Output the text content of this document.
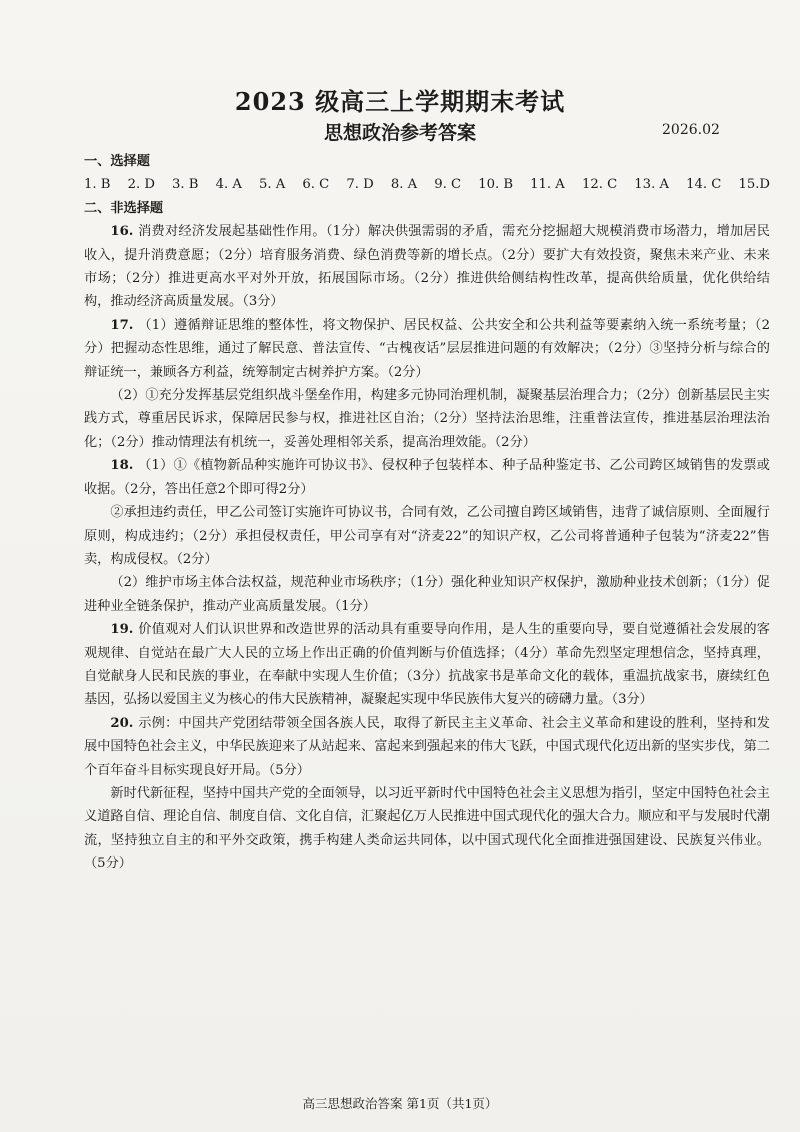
2023 级高三上学期期末考试
思想政治参考答案	2026.02

一、选择题

1. B 2. D 3. B 4. A 5. A 6. C 7. D 8. A 9. C 10. B 11. A 12. C 13. A 14. C 15.D

二、非选择题

16. 消费对经济发展起基础性作用。（1分）解决供强需弱的矛盾，需充分挖掘超大规模消费市场潜力，增加居民收入，提升消费意愿；（2分）培育服务消费、绿色消费等新的增长点。（2分）要扩大有效投资，聚焦未来产业、未来市场；（2分）推进更高水平对外开放，拓展国际市场。（2分）推进供给侧结构性改革，提高供给质量，优化供给结构，推动经济高质量发展。（3分）

17. （1）遵循辩证思维的整体性，将文物保护、居民权益、公共安全和公共利益等要素纳入统一系统考量；（2分）把握动态性思维，通过了解民意、普法宣传、“古槐夜话”层层推进问题的有效解决；（2分）③坚持分析与综合的辩证统一，兼顾各方利益，统筹制定古树养护方案。（2分）

（2）①充分发挥基层党组织战斗堡垒作用，构建多元协同治理机制，凝聚基层治理合力；（2分）创新基层民主实践方式，尊重居民诉求，保障居民参与权，推进社区自治；（2分）坚持法治思维，注重普法宣传，推进基层治理法治化；（2分）推动情理法有机统一，妥善处理相邻关系，提高治理效能。（2分）

18. （1）①《植物新品种实施许可协议书》、侵权种子包装样本、种子品种鉴定书、乙公司跨区域销售的发票或收据。（2分，答出任意2个即可得2分）

②承担违约责任，甲乙公司签订实施许可协议书，合同有效，乙公司擅自跨区域销售，违背了诚信原则、全面履行原则，构成违约；（2分）承担侵权责任，甲公司享有对“济麦22”的知识产权，乙公司将普通种子包装为“济麦22”售卖，构成侵权。（2分）

（2）维护市场主体合法权益，规范种业市场秩序；（1分）强化种业知识产权保护，激励种业技术创新；（1分）促进种业全链条保护，推动产业高质量发展。（1分）

19. 价值观对人们认识世界和改造世界的活动具有重要导向作用，是人生的重要向导，要自觉遵循社会发展的客观规律、自觉站在最广大人民的立场上作出正确的价值判断与价值选择；（4分）革命先烈坚定理想信念，坚持真理，自觉献身人民和民族的事业，在奉献中实现人生价值；（3分）抗战家书是革命文化的载体，重温抗战家书，赓续红色基因，弘扬以爱国主义为核心的伟大民族精神，凝聚起实现中华民族伟大复兴的磅礴力量。（3分）

20. 示例：中国共产党团结带领全国各族人民，取得了新民主主义革命、社会主义革命和建设的胜利，坚持和发展中国特色社会主义，中华民族迎来了从站起来、富起来到强起来的伟大飞跃，中国式现代化迈出新的坚实步伐，第二个百年奋斗目标实现良好开局。（5分）

新时代新征程，坚持中国共产党的全面领导，以习近平新时代中国特色社会主义思想为指引，坚定中国特色社会主义道路自信、理论自信、制度自信、文化自信，汇聚起亿万人民推进中国式现代化的强大合力。顺应和平与发展时代潮流，坚持独立自主的和平外交政策，携手构建人类命运共同体，以中国式现代化全面推进强国建设、民族复兴伟业。（5分）

高三思想政治答案 第1页（共1页）
